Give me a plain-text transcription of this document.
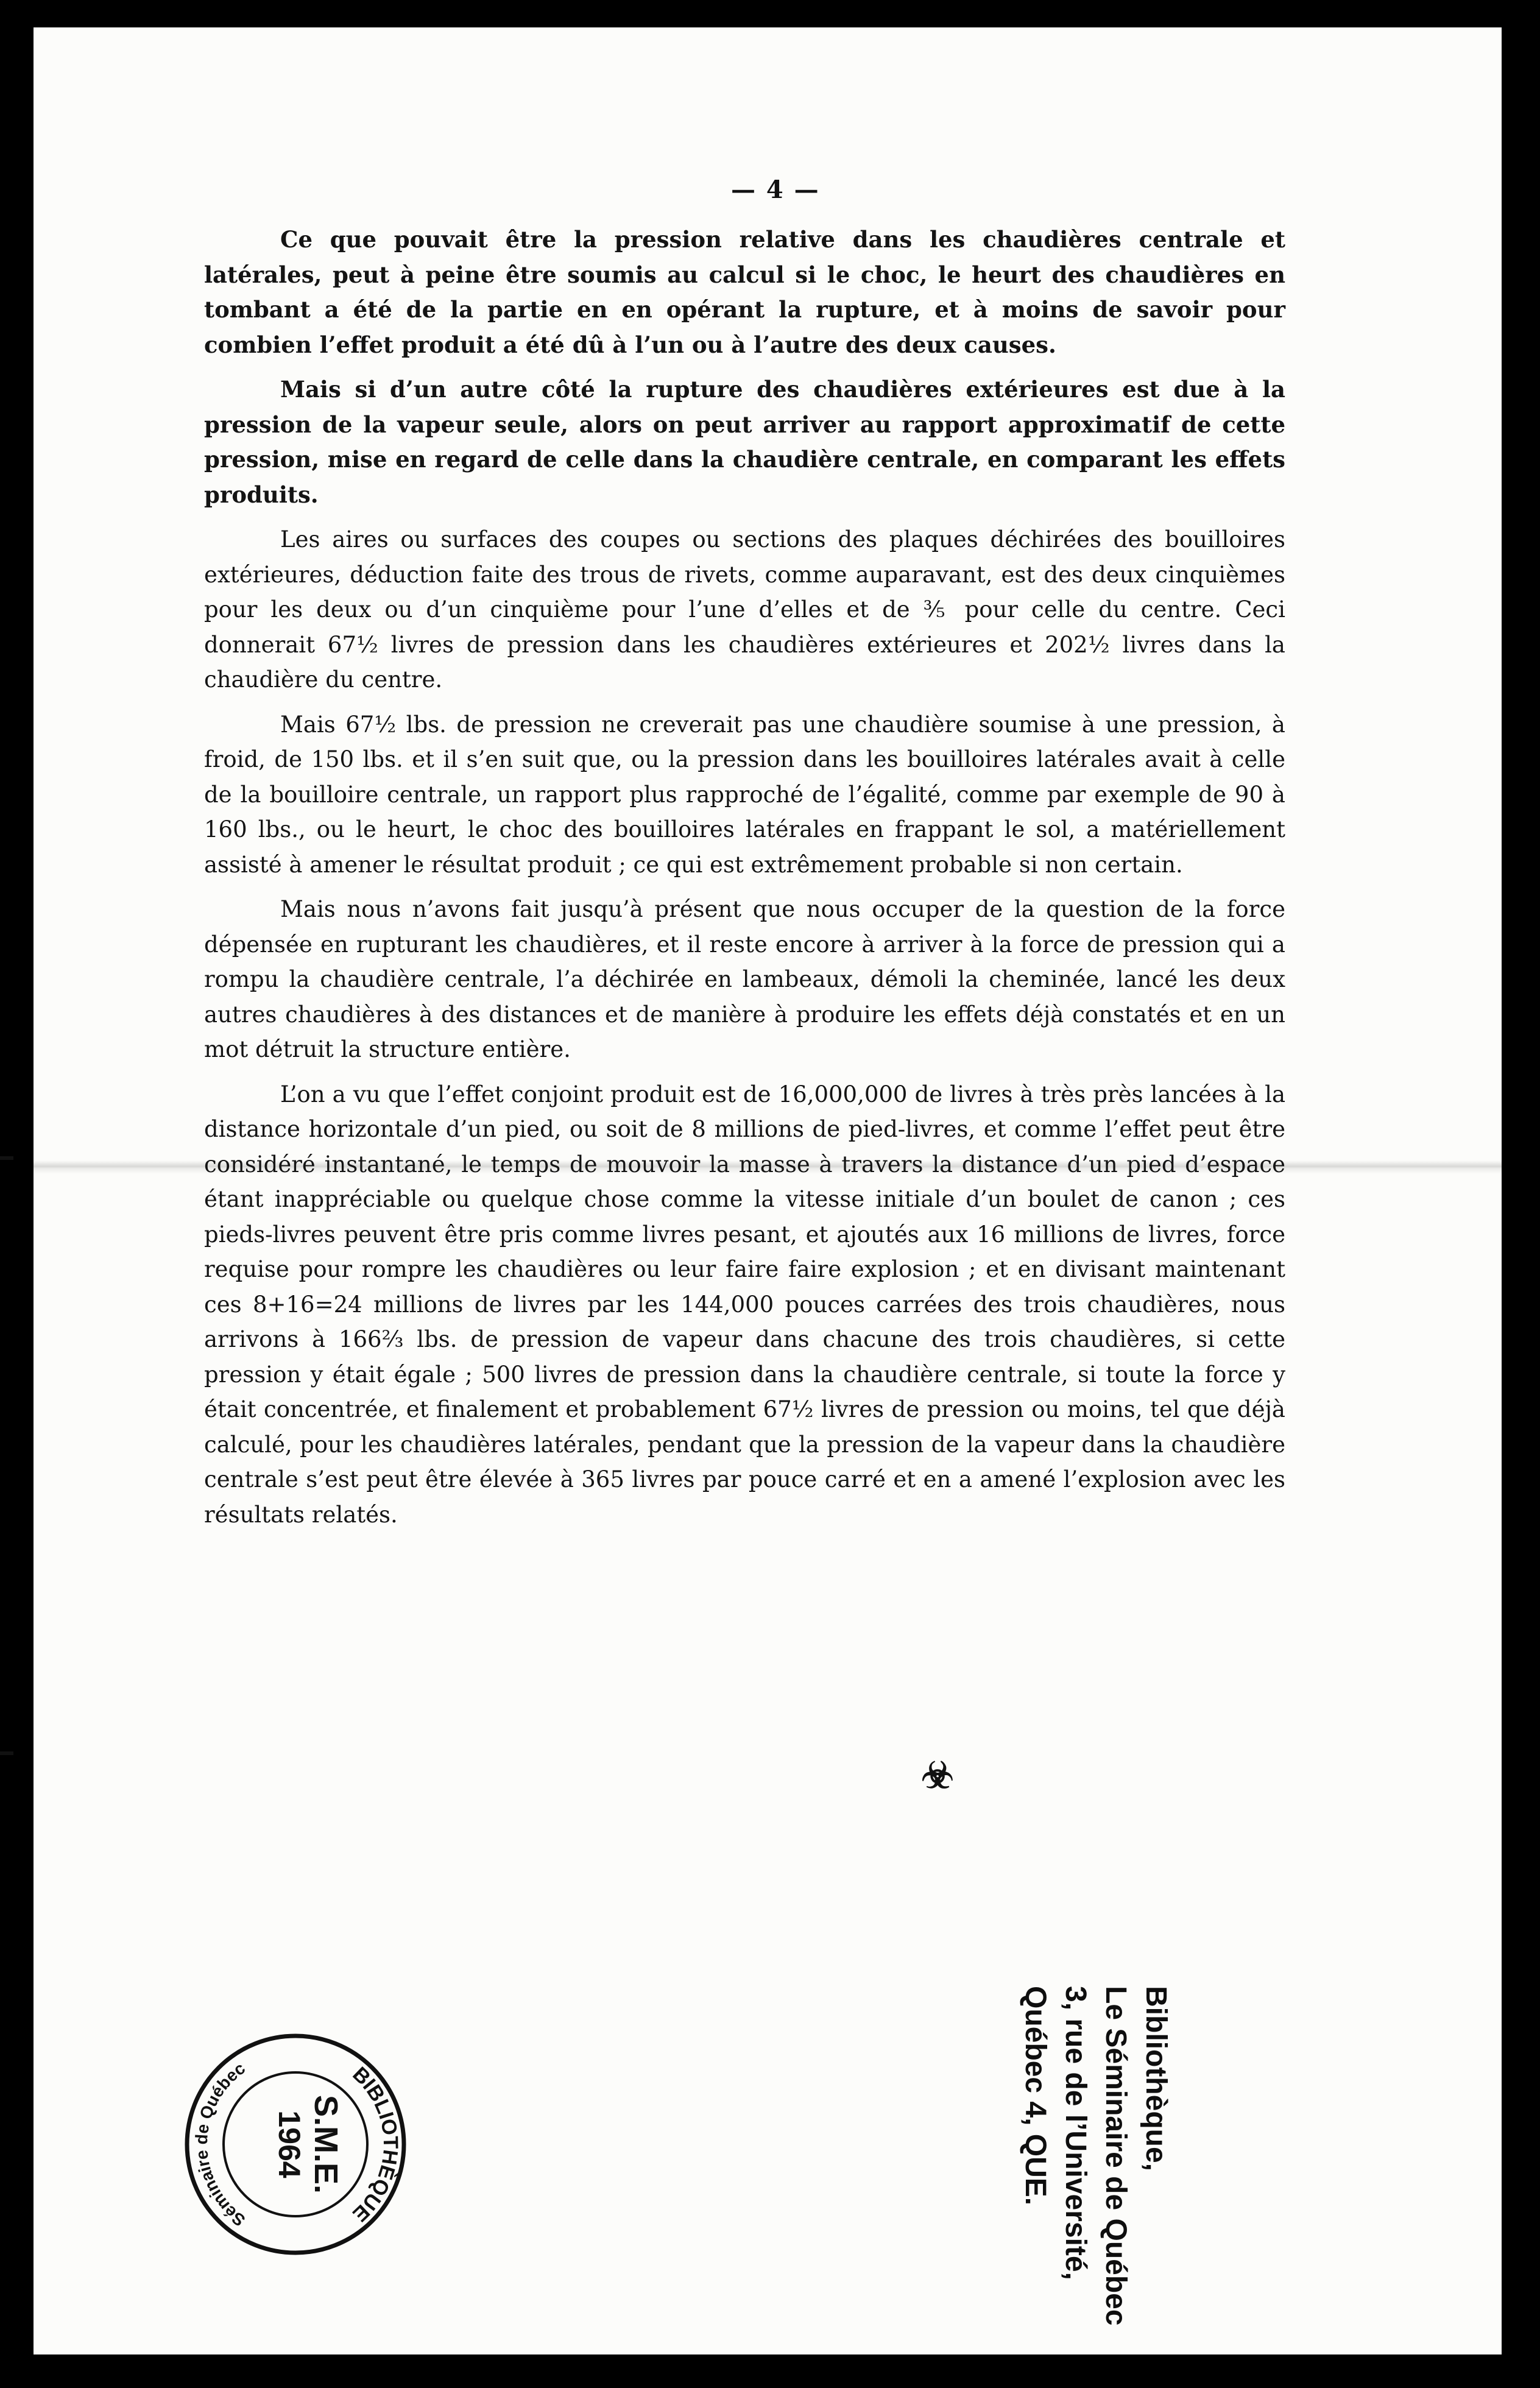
— 4 —

Ce que pouvait être la pression relative dans les chaudières centrale et latérales, peut à peine être soumis au calcul si le choc, le heurt des chaudières en tombant a été de la partie en en opérant la rupture, et à moins de savoir pour combien l’effet produit a été dû à l’un ou à l’autre des deux causes.

Mais si d’un autre côté la rupture des chaudières extérieures est due à la pression de la vapeur seule, alors on peut arriver au rapport approximatif de cette pression, mise en regard de celle dans la chaudière centrale, en comparant les effets produits.

Les aires ou surfaces des coupes ou sections des plaques déchirées des bouilloires extérieures, déduction faite des trous de rivets, comme auparavant, est des deux cinquièmes pour les deux ou d’un cinquième pour l’une d’elles et de ⅗ pour celle du centre. Ceci donnerait 67½ livres de pression dans les chaudières extérieures et 202½ livres dans la chaudière du centre.

Mais 67½ lbs. de pression ne creverait pas une chaudière soumise à une pression, à froid, de 150 lbs. et il s’en suit que, ou la pression dans les bouilloires latérales avait à celle de la bouilloire centrale, un rapport plus rapproché de l’égalité, comme par exemple de 90 à 160 lbs., ou le heurt, le choc des bouilloires latérales en frappant le sol, a matériellement assisté à amener le résultat produit ; ce qui est extrêmement probable si non certain.

Mais nous n’avons fait jusqu’à présent que nous occuper de la question de la force dépensée en rupturant les chaudières, et il reste encore à arriver à la force de pression qui a rompu la chaudière centrale, l’a déchirée en lambeaux, démoli la cheminée, lancé les deux autres chaudières à des distances et de manière à produire les effets déjà constatés et en un mot détruit la structure entière.

L’on a vu que l’effet conjoint produit est de 16,000,000 de livres à très près lancées à la distance horizontale d’un pied, ou soit de 8 millions de pied-livres, et comme l’effet peut être considéré instantané, le temps de mouvoir la masse à travers la distance d’un pied d’espace étant inappréciable ou quelque chose comme la vitesse initiale d’un boulet de canon ; ces pieds-livres peuvent être pris comme livres pesant, et ajoutés aux 16 millions de livres, force requise pour rompre les chaudières ou leur faire faire explosion ; et en divisant maintenant ces 8+16=24 millions de livres par les 144,000 pouces carrées des trois chaudières, nous arrivons à 166⅔ lbs. de pression de vapeur dans chacune des trois chaudières, si cette pression y était égale ; 500 livres de pression dans la chaudière centrale, si toute la force y était concentrée, et finalement et probablement 67½ livres de pression ou moins, tel que déjà calculé, pour les chaudières latérales, pendant que la pression de la vapeur dans la chaudière centrale s’est peut être élevée à 365 livres par pouce carré et en a amené l’explosion avec les résultats relatés.

☣
BIBLIOTHÈQUE
Séminaire de Québec
S.M.E.
1964	Bibliothèque,
Le Séminaire de Québec
3, rue de l’Université,
Québec 4, QUE.
